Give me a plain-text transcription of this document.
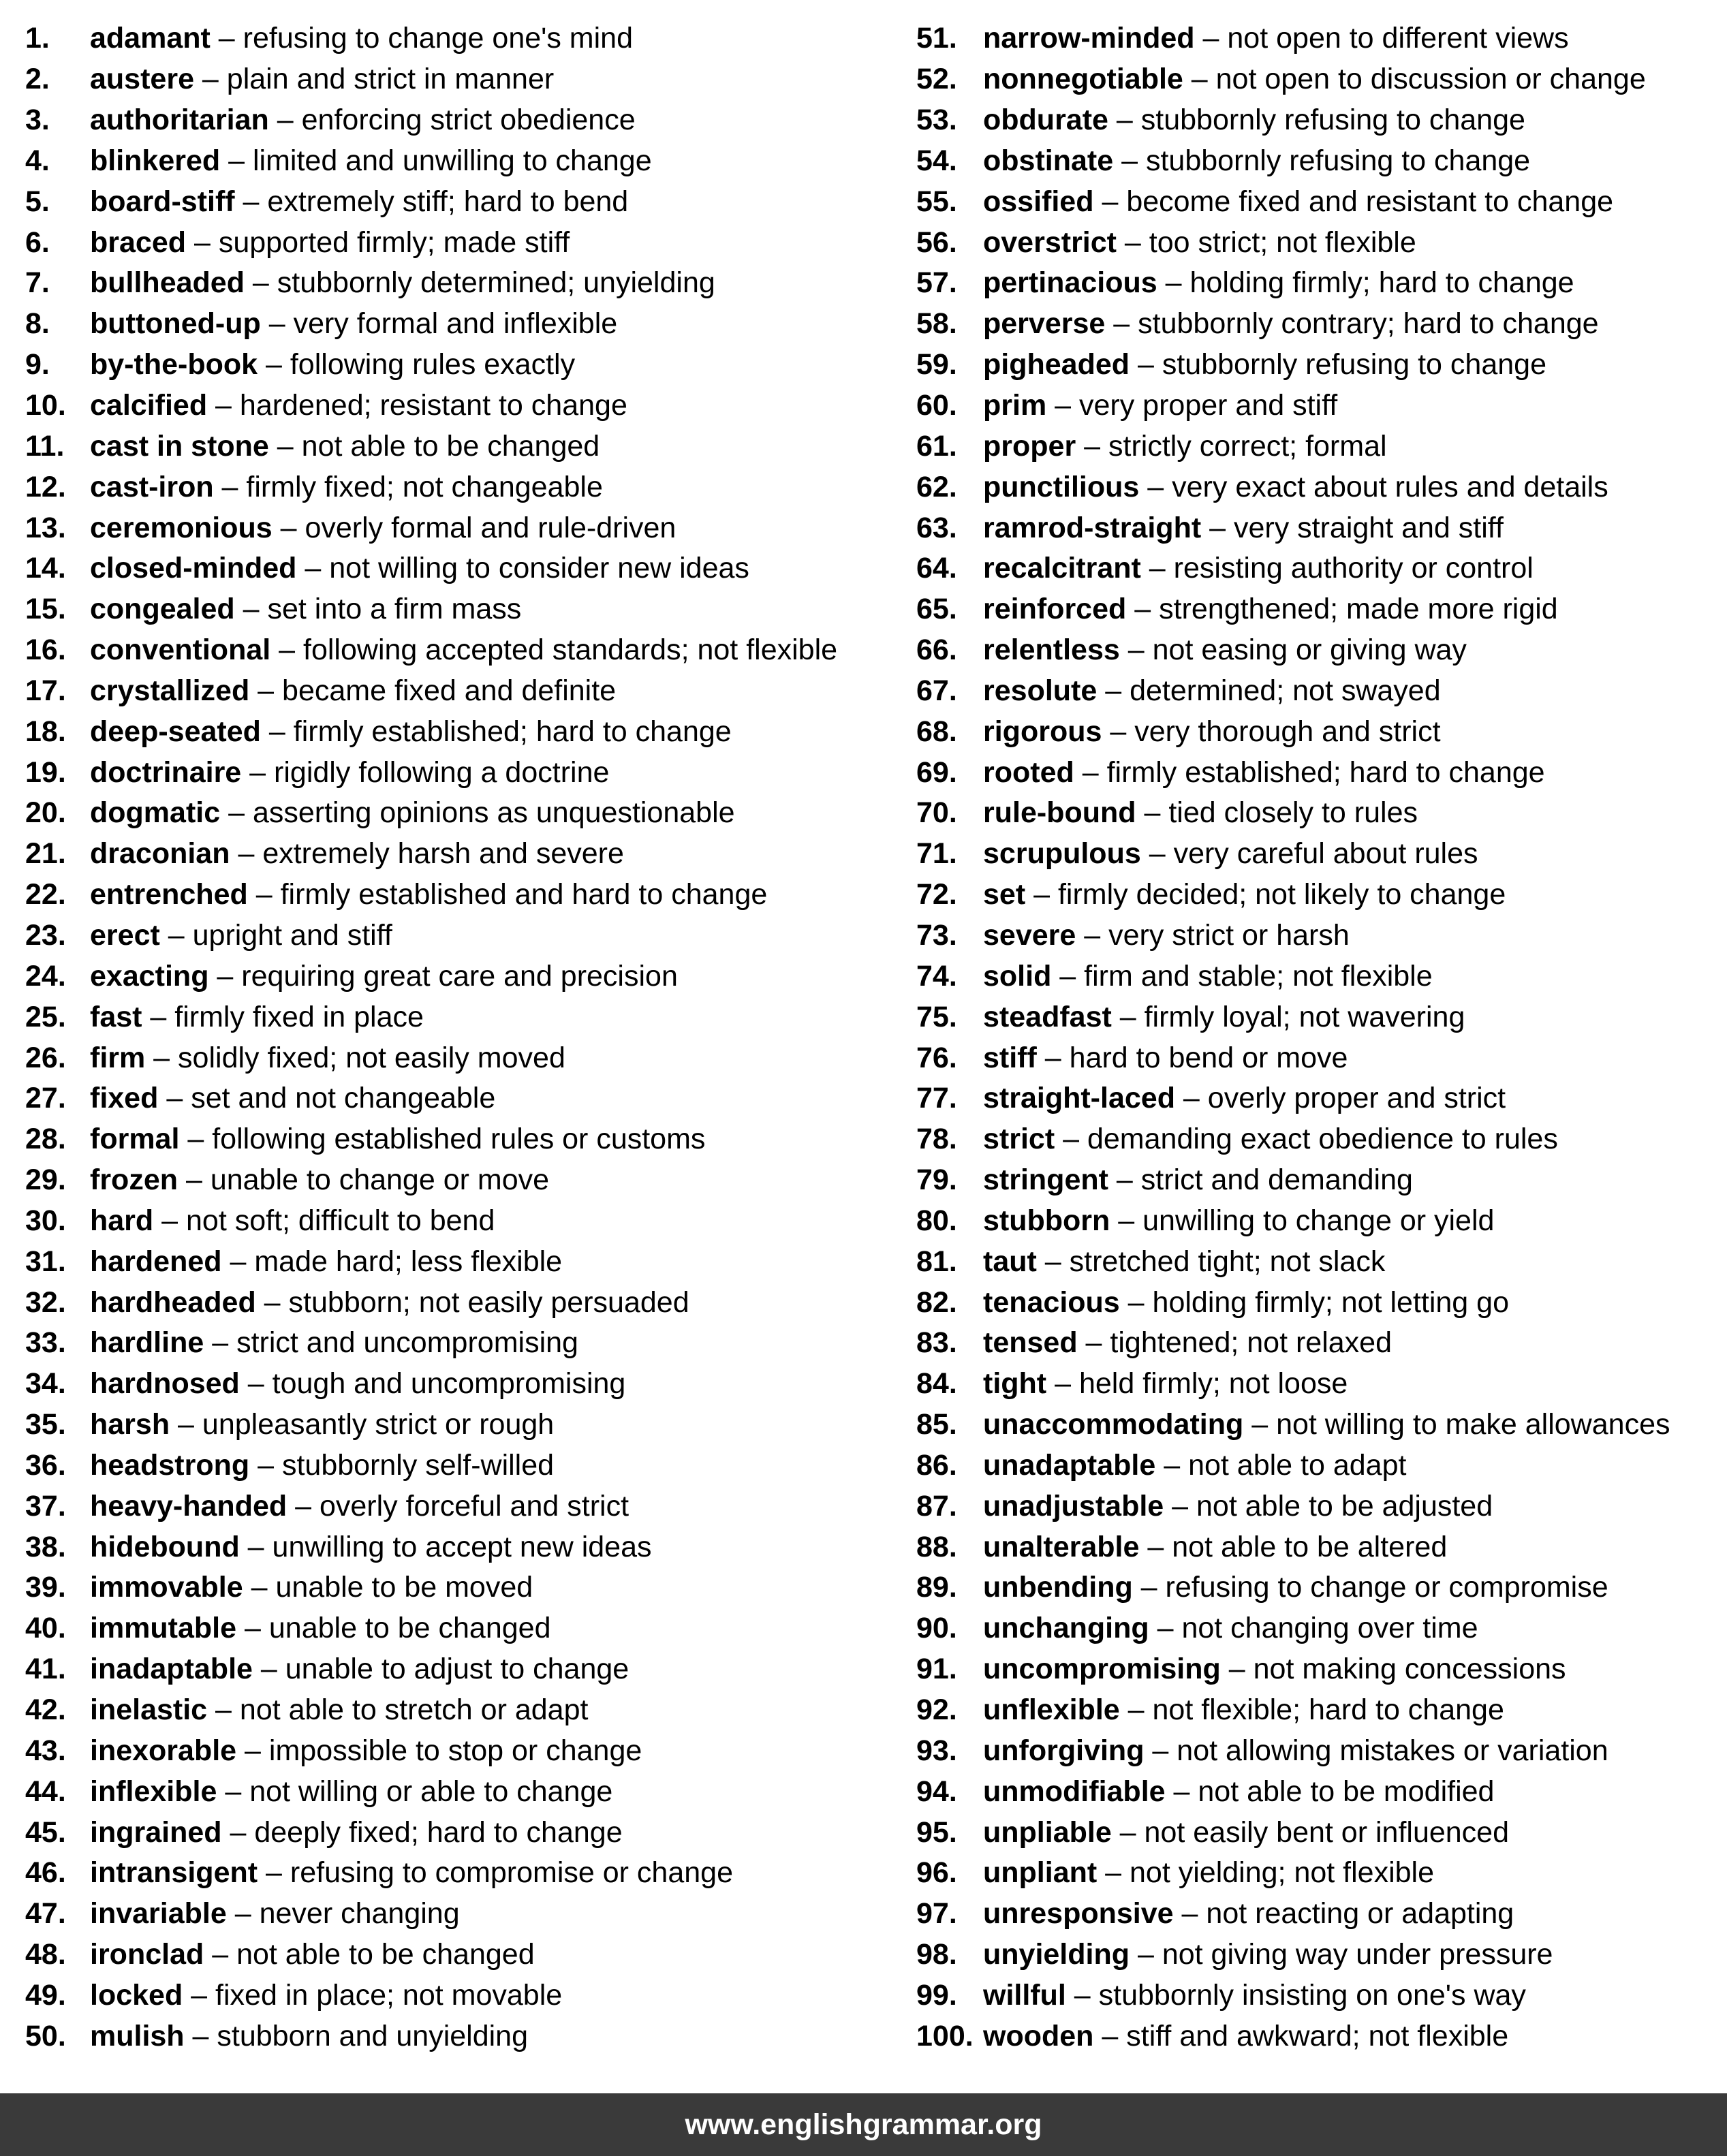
1.	adamant – refusing to change one's mind
2.	austere – plain and strict in manner
3.	authoritarian – enforcing strict obedience
4.	blinkered – limited and unwilling to change
5.	board-stiff – extremely stiff; hard to bend
6.	braced – supported firmly; made stiff
7.	bullheaded – stubbornly determined; unyielding
8.	buttoned-up – very formal and inflexible
9.	by-the-book – following rules exactly
10. calcified – hardened; resistant to change
11. cast in stone – not able to be changed
12. cast-iron – firmly fixed; not changeable
13. ceremonious – overly formal and rule-driven
14. closed-minded – not willing to consider new ideas
15. congealed – set into a firm mass
16. conventional – following accepted standards; not flexible
17. crystallized – became fixed and definite
18. deep-seated – firmly established; hard to change
19. doctrinaire – rigidly following a doctrine
20. dogmatic – asserting opinions as unquestionable
21. draconian – extremely harsh and severe
22. entrenched – firmly established and hard to change
23. erect – upright and stiff
24. exacting – requiring great care and precision
25. fast – firmly fixed in place
26. firm – solidly fixed; not easily moved
27. fixed – set and not changeable
28. formal – following established rules or customs
29. frozen – unable to change or move
30. hard – not soft; difficult to bend
31. hardened – made hard; less flexible
32. hardheaded – stubborn; not easily persuaded
33. hardline – strict and uncompromising
34. hardnosed – tough and uncompromising
35. harsh – unpleasantly strict or rough
36. headstrong – stubbornly self-willed
37. heavy-handed – overly forceful and strict
38. hidebound – unwilling to accept new ideas
39. immovable – unable to be moved
40. immutable – unable to be changed
41. inadaptable – unable to adjust to change
42. inelastic – not able to stretch or adapt
43. inexorable – impossible to stop or change
44. inflexible – not willing or able to change
45. ingrained – deeply fixed; hard to change
46. intransigent – refusing to compromise or change
47. invariable – never changing
48. ironclad – not able to be changed
49. locked – fixed in place; not movable
50. mulish – stubborn and unyielding
51. narrow-minded – not open to different views
52. nonnegotiable – not open to discussion or change
53. obdurate – stubbornly refusing to change
54. obstinate – stubbornly refusing to change
55. ossified – become fixed and resistant to change
56. overstrict – too strict; not flexible
57. pertinacious – holding firmly; hard to change
58. perverse – stubbornly contrary; hard to change
59. pigheaded – stubbornly refusing to change
60. prim – very proper and stiff
61. proper – strictly correct; formal
62. punctilious – very exact about rules and details
63. ramrod-straight – very straight and stiff
64. recalcitrant – resisting authority or control
65. reinforced – strengthened; made more rigid
66. relentless – not easing or giving way
67. resolute – determined; not swayed
68. rigorous – very thorough and strict
69. rooted – firmly established; hard to change
70. rule-bound – tied closely to rules
71. scrupulous – very careful about rules
72. set – firmly decided; not likely to change
73. severe – very strict or harsh
74. solid – firm and stable; not flexible
75. steadfast – firmly loyal; not wavering
76. stiff – hard to bend or move
77. straight-laced – overly proper and strict
78. strict – demanding exact obedience to rules
79. stringent – strict and demanding
80. stubborn – unwilling to change or yield
81. taut – stretched tight; not slack
82. tenacious – holding firmly; not letting go
83. tensed – tightened; not relaxed
84. tight – held firmly; not loose
85. unaccommodating – not willing to make allowances
86. unadaptable – not able to adapt
87. unadjustable – not able to be adjusted
88. unalterable – not able to be altered
89. unbending – refusing to change or compromise
90. unchanging – not changing over time
91. uncompromising – not making concessions
92. unflexible – not flexible; hard to change
93. unforgiving – not allowing mistakes or variation
94. unmodifiable – not able to be modified
95. unpliable – not easily bent or influenced
96. unpliant – not yielding; not flexible
97. unresponsive – not reacting or adapting
98. unyielding – not giving way under pressure
99. willful – stubbornly insisting on one's way
100. wooden – stiff and awkward; not flexible
www.englishgrammar.org
